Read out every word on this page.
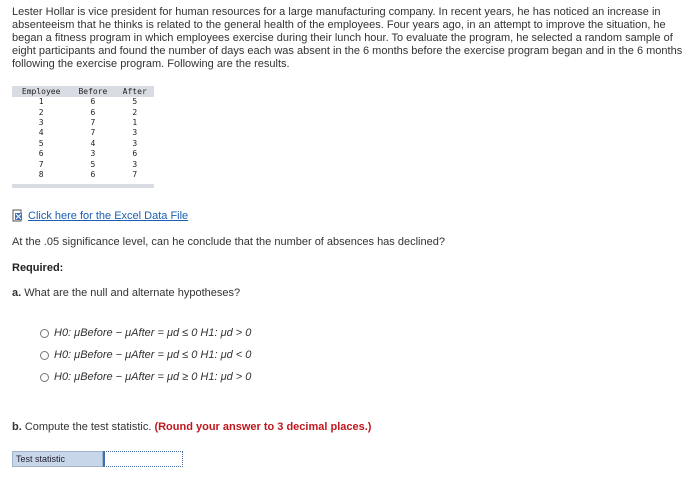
Lester Hollar is vice president for human resources for a large manufacturing company. In recent years, he has noticed an increase in absenteeism that he thinks is related to the general health of the employees. Four years ago, in an attempt to improve the situation, he began a fitness program in which employees exercise during their lunch hour. To evaluate the program, he selected a random sample of eight participants and found the number of days each was absent in the 6 months before the exercise program began and in the 6 months following the exercise program. Following are the results.
Employee	Before	After
1	6	5
2	6	2
3	7	1
4	7	3
5	4	3
6	3	6
7	5	3
8	6	7
Click here for the Excel Data File
At the .05 significance level, can he conclude that the number of absences has declined?
Required:
a. What are the null and alternate hypotheses?
H0: μBefore − μAfter = μd ≤ 0 H1: μd > 0
H0: μBefore − μAfter = μd ≤ 0 H1: μd < 0
H0: μBefore − μAfter = μd ≥ 0 H1: μd > 0
b. Compute the test statistic. (Round your answer to 3 decimal places.)
Test statistic
